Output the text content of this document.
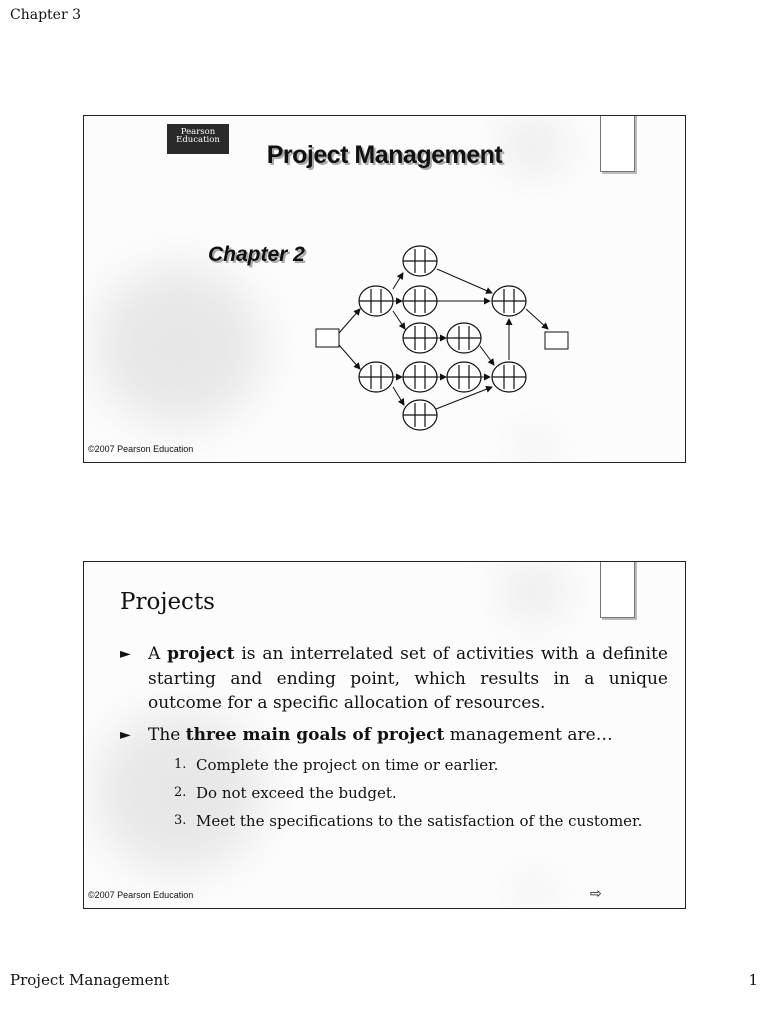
Chapter 3
Pearson
Education
Project Management
Chapter 2
©2007 Pearson Education
Projects
► A project is an interrelated set of activities with a definite starting and ending point, which results in a unique outcome for a specific allocation of resources.
► The three main goals of project management are…
1. Complete the project on time or earlier.
2. Do not exceed the budget.
3. Meet the specifications to the satisfaction of the customer.
©2007 Pearson Education	⇨
Project Management	1
